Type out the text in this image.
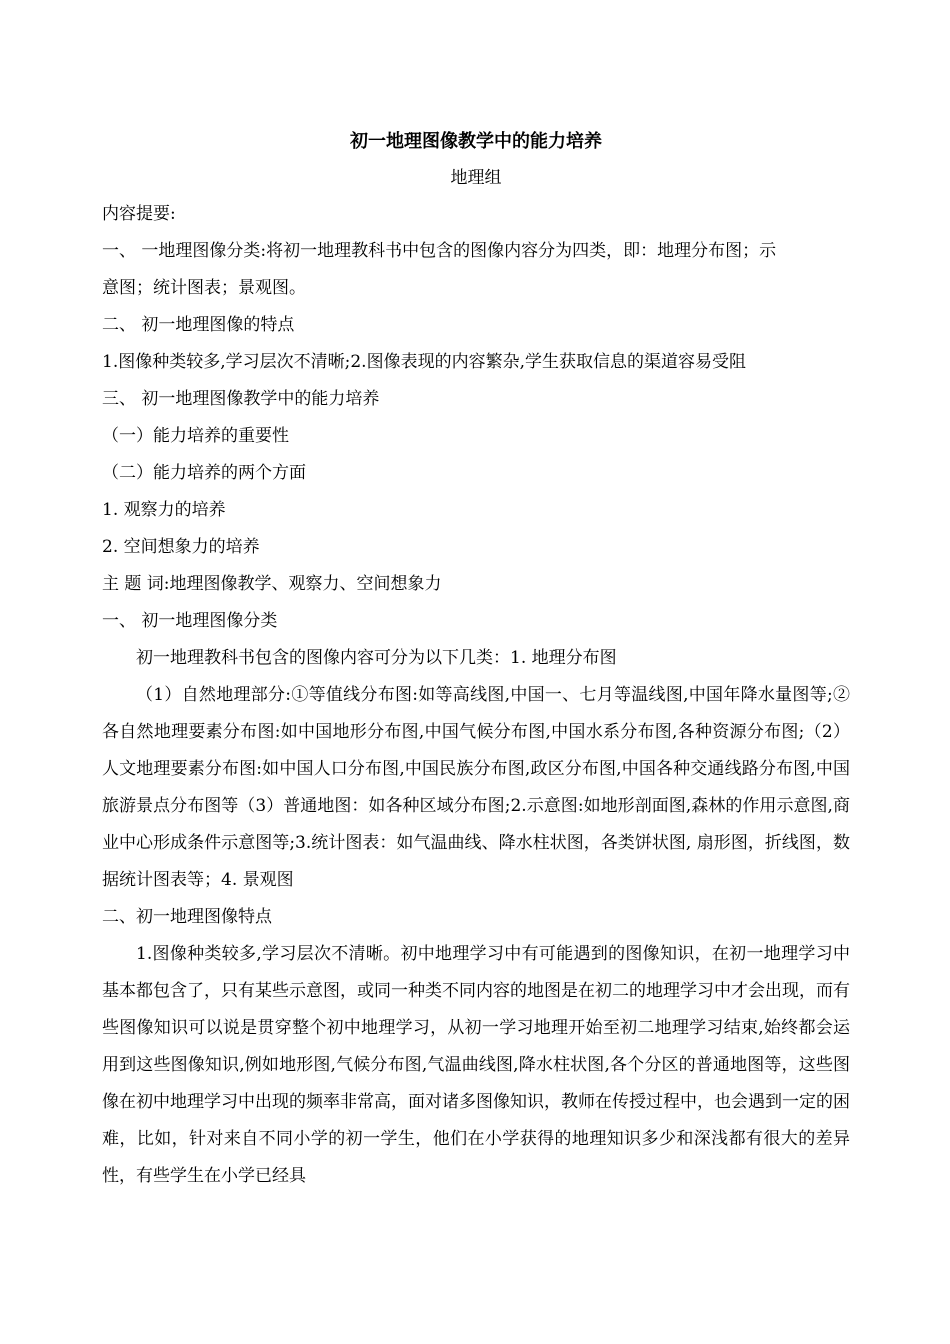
初一地理图像教学中的能力培养

地理组

内容提要:

一、 一地理图像分类:将初一地理教科书中包含的图像内容分为四类，即：地理分布图；示

意图；统计图表；景观图。

二、 初一地理图像的特点

1.图像种类较多,学习层次不清晰;2.图像表现的内容繁杂,学生获取信息的渠道容易受阻

三、 初一地理图像教学中的能力培养

（一）能力培养的重要性

（二）能力培养的两个方面

1. 观察力的培养

2. 空间想象力的培养

主 题 词:地理图像教学、观察力、空间想象力

一、 初一地理图像分类

初一地理教科书包含的图像内容可分为以下几类：1. 地理分布图

（1）自然地理部分:①等值线分布图:如等高线图,中国一、七月等温线图,中国年降水量图等;②各自然地理要素分布图:如中国地形分布图,中国气候分布图,中国水系分布图,各种资源分布图;（2）人文地理要素分布图:如中国人口分布图,中国民族分布图,政区分布图,中国各种交通线路分布图,中国旅游景点分布图等（3）普通地图：如各种区域分布图;2.示意图:如地形剖面图,森林的作用示意图,商业中心形成条件示意图等;3.统计图表：如气温曲线、降水柱状图，各类饼状图, 扇形图，折线图，数据统计图表等；4. 景观图

二、初一地理图像特点

1.图像种类较多,学习层次不清晰。初中地理学习中有可能遇到的图像知识，在初一地理学习中基本都包含了，只有某些示意图，或同一种类不同内容的地图是在初二的地理学习中才会出现，而有些图像知识可以说是贯穿整个初中地理学习，从初一学习地理开始至初二地理学习结束,始终都会运用到这些图像知识,例如地形图,气候分布图,气温曲线图,降水柱状图,各个分区的普通地图等，这些图像在初中地理学习中出现的频率非常高，面对诸多图像知识，教师在传授过程中，也会遇到一定的困难，比如，针对来自不同小学的初一学生，他们在小学获得的地理知识多少和深浅都有很大的差异性，有些学生在小学已经具
